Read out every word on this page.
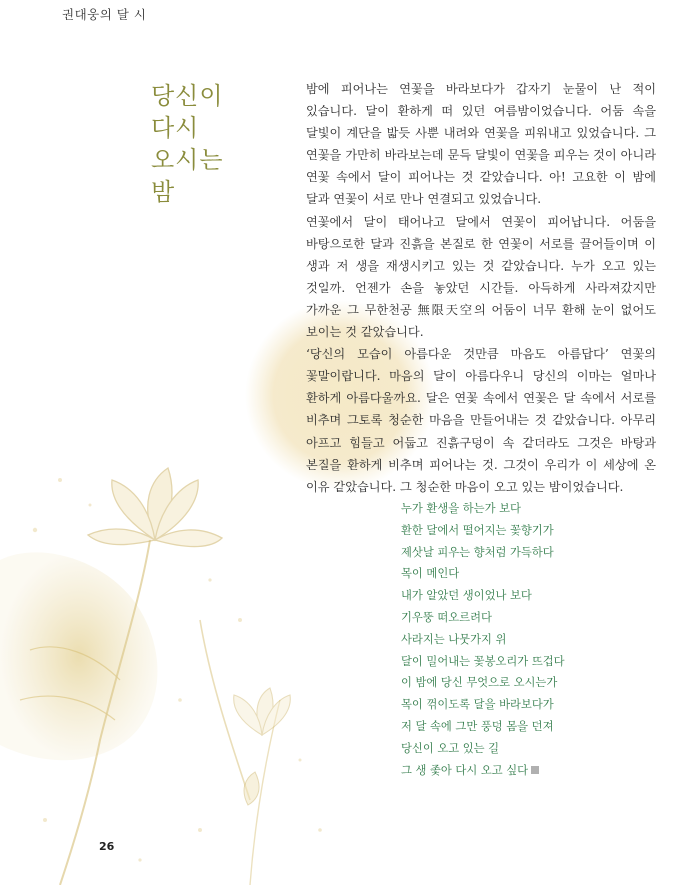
권대웅의 달 시
당신이
다시
오시는
밤

밤에 피어나는 연꽃을 바라보다가 갑자기 눈물이 난 적이 있습니다. 달이 환하게 떠 있던 여름밤이었습니다. 어둠 속을 달빛이 계단을 밟듯 사뿐 내려와 연꽃을 피워내고 있었습니다. 그 연꽃을 가만히 바라보는데 문득 달빛이 연꽃을 피우는 것이 아니라 연꽃 속에서 달이 피어나는 것 같았습니다. 아! 고요한 이 밤에 달과 연꽃이 서로 만나 연결되고 있었습니다.

연꽃에서 달이 태어나고 달에서 연꽃이 피어납니다. 어둠을 바탕으로한 달과 진흙을 본질로 한 연꽃이 서로를 끌어들이며 이 생과 저 생을 재생시키고 있는 것 같았습니다. 누가 오고 있는 것일까. 언젠가 손을 놓았던 시간들. 아득하게 사라져갔지만 가까운 그 무한천공 無限天空의 어둠이 너무 환해 눈이 없어도 보이는 것 같았습니다.

‘당신의 모습이 아름다운 것만큼 마음도 아름답다’ 연꽃의 꽃말이랍니다. 마음의 달이 아름다우니 당신의 이마는 얼마나 환하게 아름다울까요. 달은 연꽃 속에서 연꽃은 달 속에서 서로를 비추며 그토록 청순한 마음을 만들어내는 것 같았습니다. 아무리 아프고 힘들고 어둡고 진흙구덩이 속 같더라도 그것은 바탕과 본질을 환하게 비추며 피어나는 것. 그것이 우리가 이 세상에 온 이유 같았습니다. 그 청순한 마음이 오고 있는 밤이었습니다.

누가 환생을 하는가 보다
환한 달에서 떨어지는 꽃향기가
제삿날 피우는 향처럼 가득하다
목이 메인다
내가 알았던 생이었나 보다
기우뚱 떠오르려다
사라지는 나뭇가지 위
달이 밀어내는 꽃봉오리가 뜨겁다
이 밤에 당신 무엇으로 오시는가
목이 꺾이도록 달을 바라보다가
저 달 속에 그만 풍덩 몸을 던져
당신이 오고 있는 길
그 생 좇아 다시 오고 싶다
26
